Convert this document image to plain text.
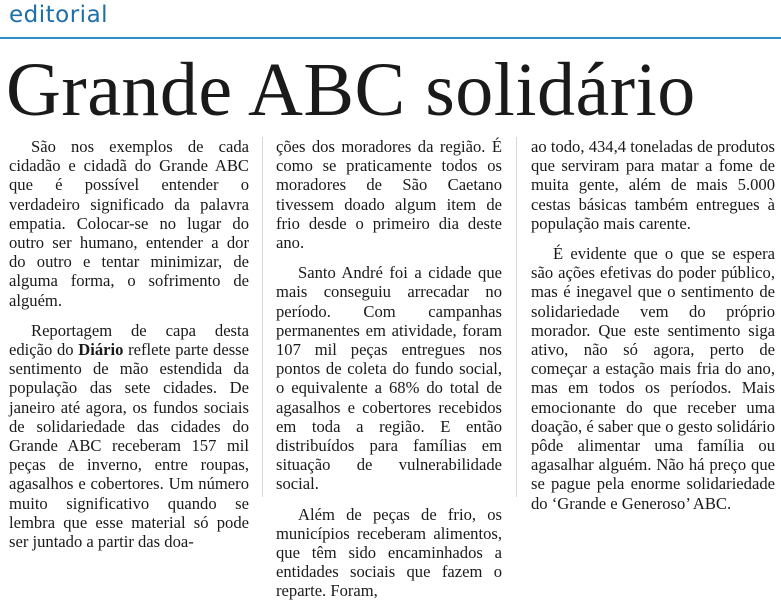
editorial
Grande ABC solidário

São nos exemplos de cada cidadão e cidadã do Grande ABC que é possível entender o verdadeiro significado da palavra empatia. Colocar-se no lugar do outro ser humano, entender a dor do outro e tentar minimizar, de alguma forma, o sofrimento de alguém.

Reportagem de capa desta edição do Diário reflete parte desse sentimento de mão estendida da população das sete cidades. De janeiro até agora, os fundos sociais de solidariedade das cidades do Grande ABC receberam 157 mil peças de inverno, entre roupas, agasalhos e cobertores. Um número muito significativo quando se lembra que esse material só pode ser juntado a partir das doa-

ções dos moradores da região. É como se praticamente todos os moradores de São Caetano tivessem doado algum item de frio desde o primeiro dia deste ano.

Santo André foi a cidade que mais conseguiu arrecadar no período. Com campanhas permanentes em atividade, foram 107 mil peças entregues nos pontos de coleta do fundo social, o equivalente a 68% do total de agasalhos e cobertores recebidos em toda a região. E então distribuídos para famílias em situação de vulnerabilidade social.

Além de peças de frio, os municípios receberam alimentos, que têm sido encaminhados a entidades sociais que fazem o reparte. Foram,

ao todo, 434,4 toneladas de produtos que serviram para matar a fome de muita gente, além de mais 5.000 cestas básicas também entregues à população mais carente.

É evidente que o que se espera são ações efetivas do poder público, mas é inegavel que o sentimento de solidariedade vem do próprio morador. Que este sentimento siga ativo, não só agora, perto de começar a estação mais fria do ano, mas em todos os períodos. Mais emocionante do que receber uma doação, é saber que o gesto solidário pôde alimentar uma família ou agasalhar alguém. Não há preço que se pague pela enorme solidariedade do ‘Grande e Generoso’ ABC.
